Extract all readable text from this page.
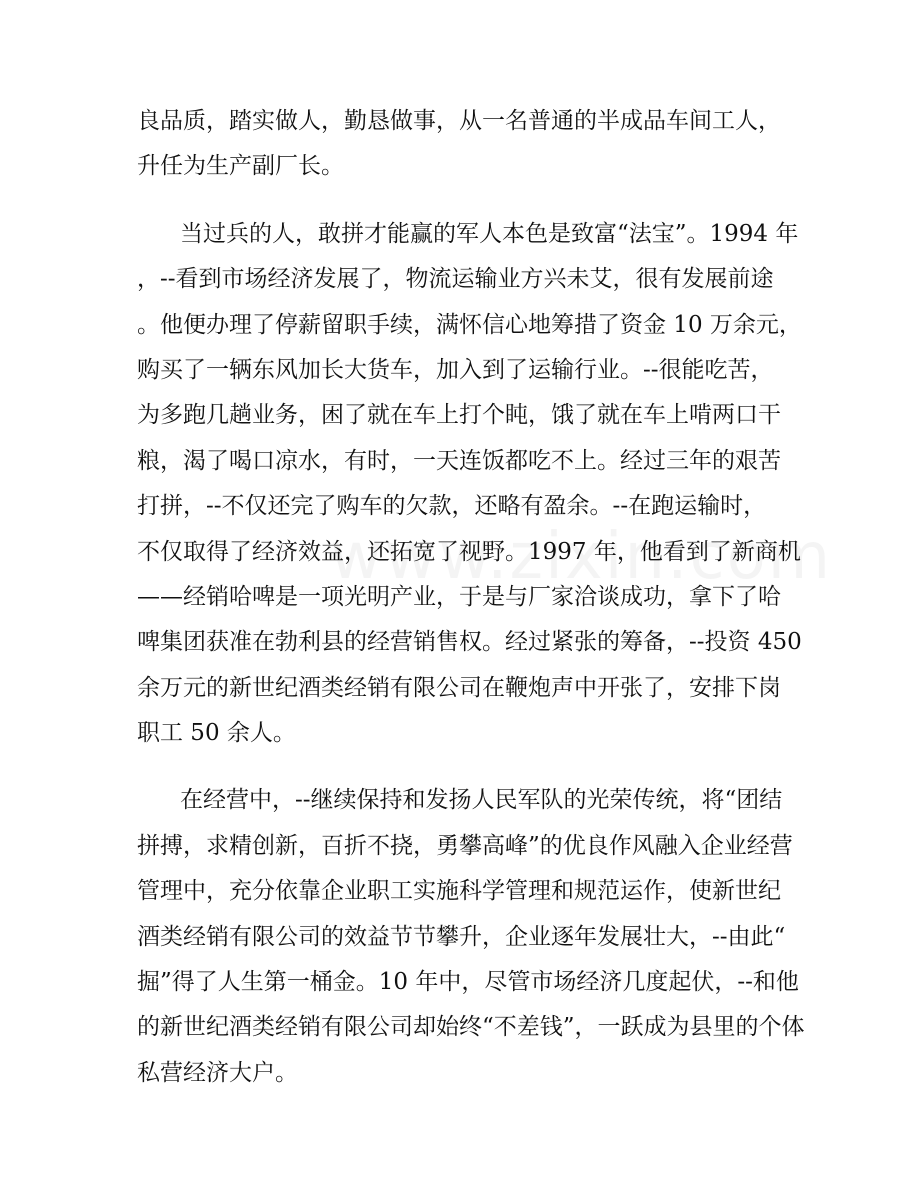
良品质，踏实做人，勤恳做事，从一名普通的半成品车间工人，
升任为生产副厂长。
当过兵的人，敢拼才能赢的军人本色是致富“法宝”。1994 年
，--看到市场经济发展了，物流运输业方兴未艾，很有发展前途
。他便办理了停薪留职手续，满怀信心地筹措了资金 10 万余元，
购买了一辆东风加长大货车，加入到了运输行业。--很能吃苦，
为多跑几趟业务，困了就在车上打个盹，饿了就在车上啃两口干
粮，渴了喝口凉水，有时，一天连饭都吃不上。经过三年的艰苦
打拼，--不仅还完了购车的欠款，还略有盈余。--在跑运输时，
不仅取得了经济效益，还拓宽了视野。1997 年，他看到了新商机
——经销哈啤是一项光明产业，于是与厂家洽谈成功，拿下了哈
啤集团获准在勃利县的经营销售权。经过紧张的筹备，--投资 450
余万元的新世纪酒类经销有限公司在鞭炮声中开张了，安排下岗
职工 50 余人。
在经营中，--继续保持和发扬人民军队的光荣传统，将“团结
拼搏，求精创新，百折不挠，勇攀高峰”的优良作风融入企业经营
管理中，充分依靠企业职工实施科学管理和规范运作，使新世纪
酒类经销有限公司的效益节节攀升，企业逐年发展壮大，--由此“
掘”得了人生第一桶金。10 年中，尽管市场经济几度起伏，--和他
的新世纪酒类经销有限公司却始终“不差钱”，一跃成为县里的个体
私营经济大户。
